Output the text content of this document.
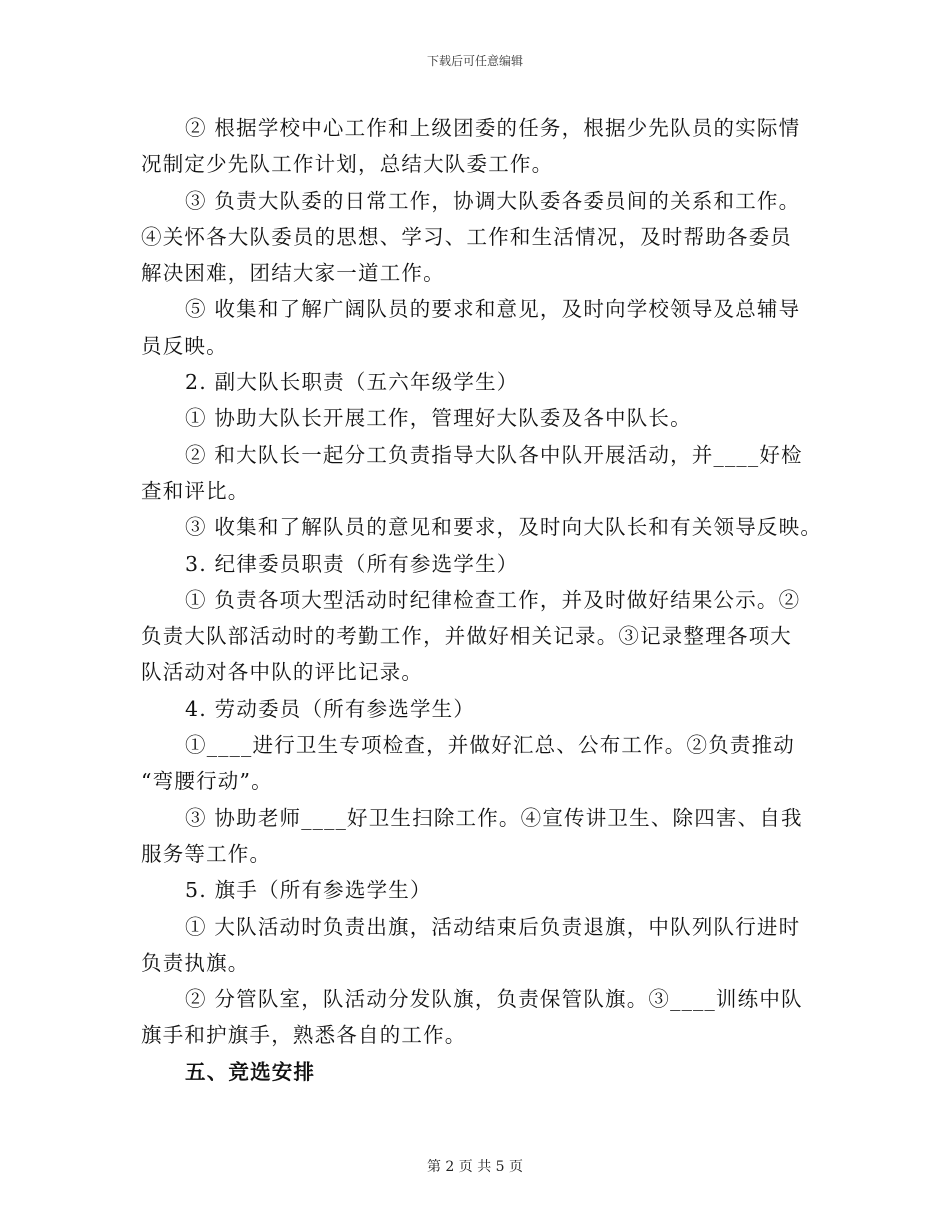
下载后可任意编辑
② 根据学校中心工作和上级团委的任务，根据少先队员的实际情
况制定少先队工作计划，总结大队委工作。
③ 负责大队委的日常工作，协调大队委各委员间的关系和工作。
④关怀各大队委员的思想、学习、工作和生活情况，及时帮助各委员
解决困难，团结大家一道工作。
⑤ 收集和了解广阔队员的要求和意见，及时向学校领导及总辅导
员反映。
2. 副大队长职责（五六年级学生）
① 协助大队长开展工作，管理好大队委及各中队长。
② 和大队长一起分工负责指导大队各中队开展活动，并____好检
查和评比。
③ 收集和了解队员的意见和要求，及时向大队长和有关领导反映。
3. 纪律委员职责（所有参选学生）
① 负责各项大型活动时纪律检查工作，并及时做好结果公示。②
负责大队部活动时的考勤工作，并做好相关记录。③记录整理各项大
队活动对各中队的评比记录。
4. 劳动委员（所有参选学生）
①____进行卫生专项检查，并做好汇总、公布工作。②负责推动
“弯腰行动”。
③ 协助老师____好卫生扫除工作。④宣传讲卫生、除四害、自我
服务等工作。
5. 旗手（所有参选学生）
① 大队活动时负责出旗，活动结束后负责退旗，中队列队行进时
负责执旗。
② 分管队室，队活动分发队旗，负责保管队旗。③____训练中队
旗手和护旗手，熟悉各自的工作。
五、竞选安排
第 2 页 共 5 页
